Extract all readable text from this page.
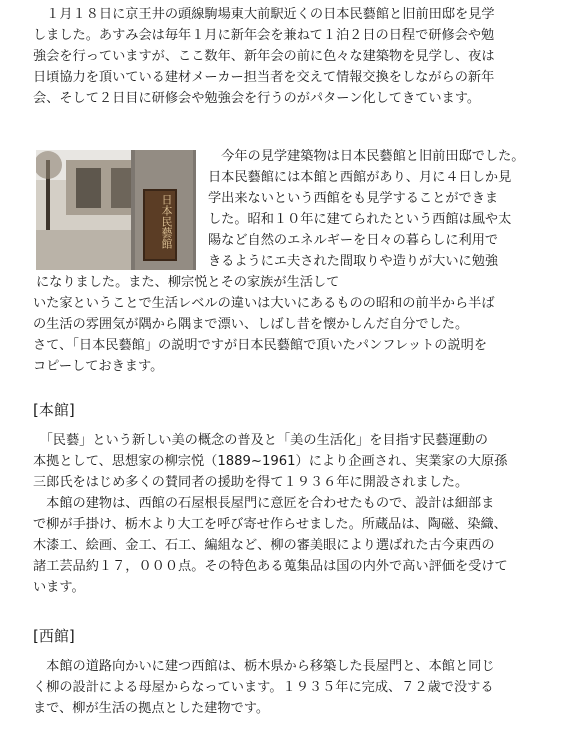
　１月１８日に京王井の頭線駒場東大前駅近くの日本民藝館と旧前田邸を見学

しました。あすみ会は毎年１月に新年会を兼ねて１泊２日の日程で研修会や勉

強会を行っていますが、ここ数年、新年会の前に色々な建築物を見学し、夜は

日頃協力を頂いている建材メーカー担当者を交えて情報交換をしながらの新年

会、そして２日目に研修会や勉強会を行うのがパターン化してきています。

日本民藝館

　今年の見学建築物は日本民藝館と旧前田邸でした。

日本民藝館には本館と西館があり、月に４日しか見

学出来ないという西館をも見学することができま

した。昭和１０年に建てられたという西館は風や太

陽など自然のエネルギーを日々の暮らしに利用で

きるようにエ夫された間取りや造りが大いに勉強

になりました。また、柳宗悦とその家族が生活して

いた家ということで生活レベルの違いは大いにあるものの昭和の前半から半ば

の生活の雰囲気が隅から隅まで漂い、しばし昔を懐かしんだ自分でした。

さて、「日本民藝館」の説明ですが日本民藝館で頂いたパンフレットの説明を

コピーしておきます。

[本館]

　「民藝」という新しい美の概念の普及と「美の生活化」を目指す民藝運動の

本拠として、思想家の柳宗悦（1889~1961）により企画され、実業家の大原孫

三郎氏をはじめ多くの賛同者の援助を得て１９３６年に開設されました。

　本館の建物は、西館の石屋根長屋門に意匠を合わせたもので、設計は細部ま

で柳が手掛け、栃木より大工を呼び寄せ作らせました。所蔵品は、陶磁、染織、

木漆工、絵画、金工、石工、編組など、柳の審美眼により選ばれた古今東西の

諸工芸品約１７，０００点。その特色ある蒐集品は国の内外で高い評価を受けて

います。

[西館]

　本館の道路向かいに建つ西館は、栃木県から移築した長屋門と、本館と同じ

く柳の設計による母屋からなっています。１９３５年に完成、７２歳で没する

まで、柳が生活の拠点とした建物です。
